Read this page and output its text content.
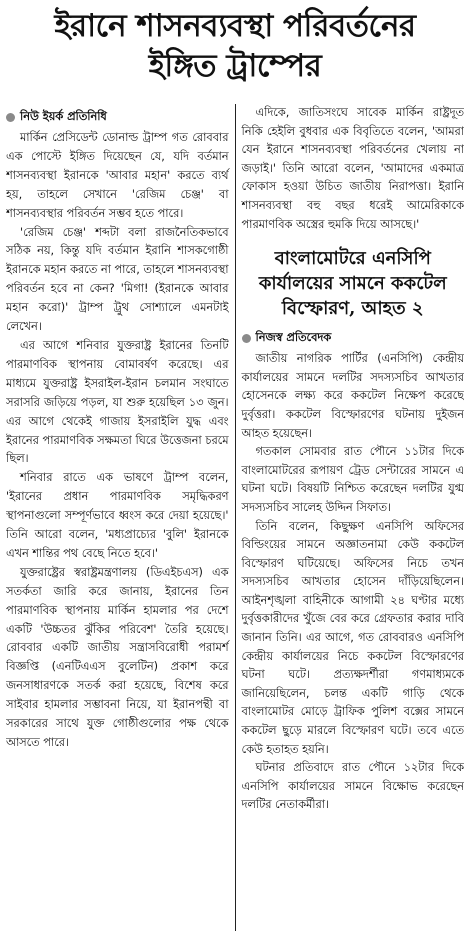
ইরানে শাসনব্যবস্থা পরিবর্তনের
ইঙ্গিত ট্রাম্পের
নিউ ইয়র্ক প্রতিনিধি

মার্কিন প্রেসিডেন্ট ডোনাল্ড ট্রাম্প গত রোববার এক পোস্টে ইঙ্গিত দিয়েছেন যে, যদি বর্তমান শাসনব্যবস্থা ইরানকে 'আবার মহান' করতে ব্যর্থ হয়, তাহলে সেখানে 'রেজিম চেঞ্জ' বা শাসনব্যবস্থার পরিবর্তন সম্ভব হতে পারে।

'রেজিম চেঞ্জ' শব্দটা বলা রাজনৈতিকভাবে সঠিক নয়, কিন্তু যদি বর্তমান ইরানি শাসকগোষ্ঠী ইরানকে মহান করতে না পারে, তাহলে শাসনব্যবস্থা পরিবর্তন হবে না কেন? 'মিগা! (ইরানকে আবার মহান করো)' ট্রাম্প ট্রুথ সোশ্যালে এমনটাই লেখেন।

এর আগে শনিবার যুক্তরাষ্ট্র ইরানের তিনটি পারমাণবিক স্থাপনায় বোমাবর্ষণ করেছে। এর মাধ্যমে যুক্তরাষ্ট্র ইসরাইল-ইরান চলমান সংঘাতে সরাসরি জড়িয়ে পড়ল, যা শুরু হয়েছিল ১৩ জুন। এর আগে থেকেই গাজায় ইসরাইলি যুদ্ধ এবং ইরানের পারমাণবিক সক্ষমতা ঘিরে উত্তেজনা চরমে ছিল।

শনিবার রাতে এক ভাষণে ট্রাম্প বলেন, 'ইরানের প্রধান পারমাণবিক সমৃদ্ধিকরণ স্থাপনাগুলো সম্পূর্ণভাবে ধ্বংস করে দেয়া হয়েছে।' তিনি আরো বলেন, 'মধ্যপ্রাচ্যের 'বুলি' ইরানকে এখন শান্তির পথ বেছে নিতে হবে।'

যুক্তরাষ্ট্রের স্বরাষ্ট্রমন্ত্রণালয় (ডিএইচএস) এক সতর্কতা জারি করে জানায়, ইরানের তিন পারমাণবিক স্থাপনায় মার্কিন হামলার পর দেশে একটি 'উচ্চতর ঝুঁকির পরিবেশ' তৈরি হয়েছে। রোববার একটি জাতীয় সন্ত্রাসবিরোধী পরামর্শ বিজ্ঞপ্তি (এনটিএএস বুলেটিন) প্রকাশ করে জনসাধারণকে সতর্ক করা হয়েছে, বিশেষ করে সাইবার হামলার সম্ভাবনা নিয়ে, যা ইরানপন্থী বা সরকারের সাথে যুক্ত গোষ্ঠীগুলোর পক্ষ থেকে আসতে পারে।

এদিকে, জাতিসংঘে সাবেক মার্কিন রাষ্ট্রদূত নিকি হেইলি বুধবার এক বিবৃতিতে বলেন, 'আমরা যেন ইরানে শাসনব্যবস্থা পরিবর্তনের খেলায় না জড়াই।' তিনি আরো বলেন, 'আমাদের একমাত্র ফোকাস হওয়া উচিত জাতীয় নিরাপত্তা। ইরানি শাসনব্যবস্থা বহু বছর ধরেই আমেরিকাকে পারমাণবিক অস্ত্রের হুমকি দিয়ে আসছে।'

বাংলামোটরে এনসিপি
কার্যালয়ের সামনে ককটেল
বিস্ফোরণ, আহত ২
নিজস্ব প্রতিবেদক

জাতীয় নাগরিক পার্টির (এনসিপি) কেন্দ্রীয় কার্যালয়ের সামনে দলটির সদস্যসচিব আখতার হোসেনকে লক্ষ্য করে ককটেল নিক্ষেপ করেছে দুর্বৃত্তরা। ককটেল বিস্ফোরণের ঘটনায় দুইজন আহত হয়েছেন।

গতকাল সোমবার রাত পৌনে ১১টার দিকে বাংলামোটরের রূপায়ণ ট্রেড সেন্টারের সামনে এ ঘটনা ঘটে। বিষয়টি নিশ্চিত করেছেন দলটির যুগ্ম সদস্যসচিব সালেহ উদ্দিন সিফাত।

তিনি বলেন, কিছুক্ষণ এনসিপি অফিসের বিল্ডিংয়ের সামনে অজ্ঞাতনামা কেউ ককটেল বিস্ফোরণ ঘটিয়েছে। অফিসের নিচে তখন সদস্যসচিব আখতার হোসেন দাঁড়িয়েছিলেন। আইনশৃঙ্খলা বাহিনীকে আগামী ২৪ ঘণ্টার মধ্যে দুর্বৃত্তকারীদের খুঁজে বের করে গ্রেফতার করার দাবি জানান তিনি। এর আগে, গত রোববারও এনসিপি কেন্দ্রীয় কার্যালয়ের নিচে ককটেল বিস্ফোরণের ঘটনা ঘটে। প্রত্যক্ষদর্শীরা গণমাধ্যমকে জানিয়েছিলেন, চলন্ত একটি গাড়ি থেকে বাংলামোটর মোড়ে ট্রাফিক পুলিশ বক্সের সামনে ককটেল ছুড়ে মারলে বিস্ফোরণ ঘটে। তবে এতে কেউ হতাহত হয়নি।

ঘটনার প্রতিবাদে রাত পৌনে ১২টার দিকে এনসিপি কার্যালয়ের সামনে বিক্ষোভ করেছেন দলটির নেতাকর্মীরা।
